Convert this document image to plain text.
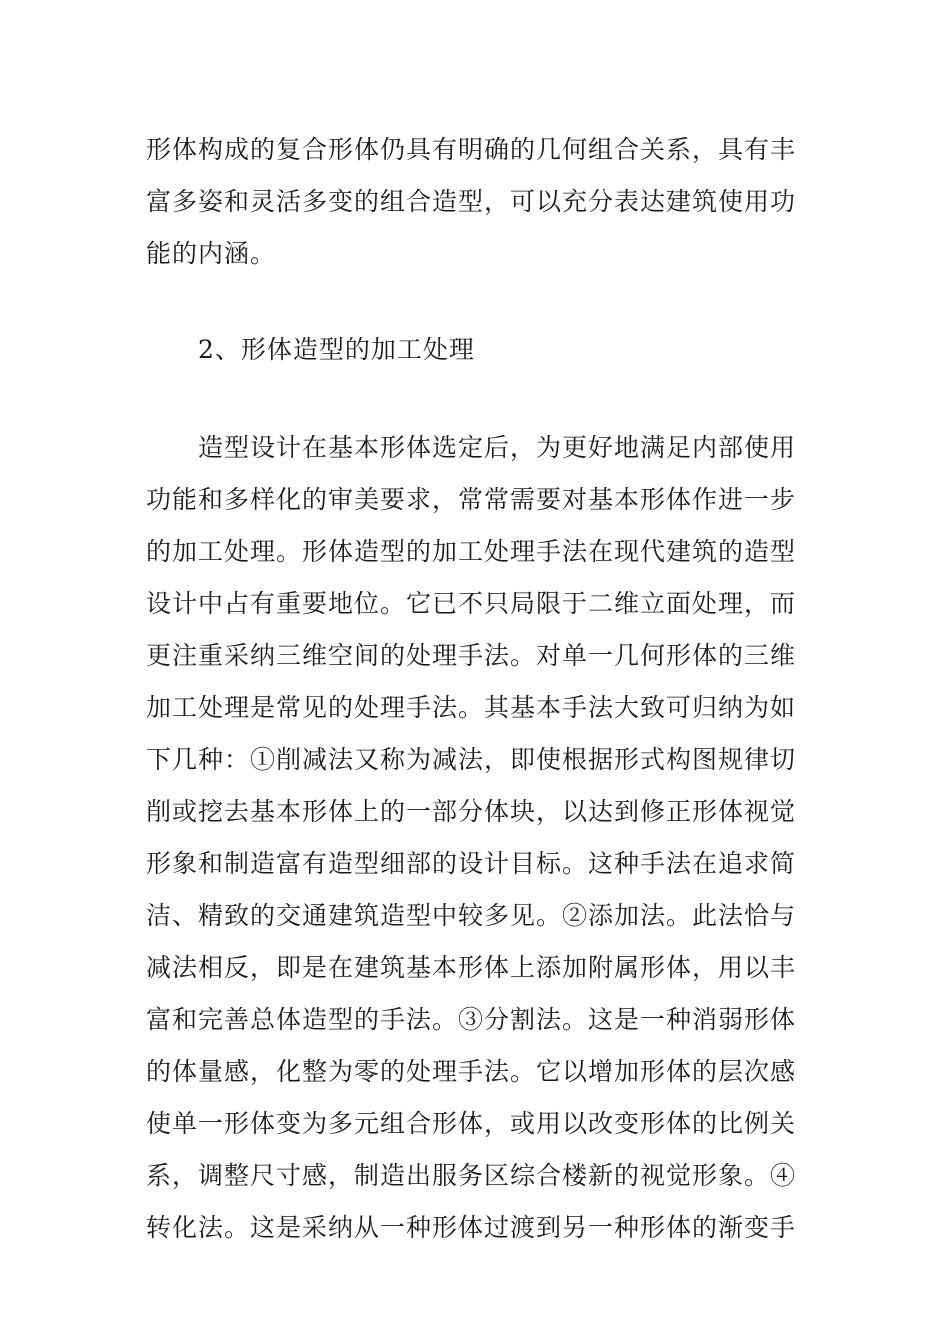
形体构成的复合形体仍具有明确的几何组合关系，具有丰
富多姿和灵活多变的组合造型，可以充分表达建筑使用功
能的内涵。
2、形体造型的加工处理
造型设计在基本形体选定后，为更好地满足内部使用
功能和多样化的审美要求，常常需要对基本形体作进一步
的加工处理。形体造型的加工处理手法在现代建筑的造型
设计中占有重要地位。它已不只局限于二维立面处理，而
更注重采纳三维空间的处理手法。对单一几何形体的三维
加工处理是常见的处理手法。其基本手法大致可归纳为如
下几种：①削减法又称为减法，即使根据形式构图规律切
削或挖去基本形体上的一部分体块，以达到修正形体视觉
形象和制造富有造型细部的设计目标。这种手法在追求简
洁、精致的交通建筑造型中较多见。②添加法。此法恰与
减法相反，即是在建筑基本形体上添加附属形体，用以丰
富和完善总体造型的手法。③分割法。这是一种消弱形体
的体量感，化整为零的处理手法。它以增加形体的层次感
使单一形体变为多元组合形体，或用以改变形体的比例关
系，调整尺寸感，制造出服务区综合楼新的视觉形象。④
转化法。这是采纳从一种形体过渡到另一种形体的渐变手
